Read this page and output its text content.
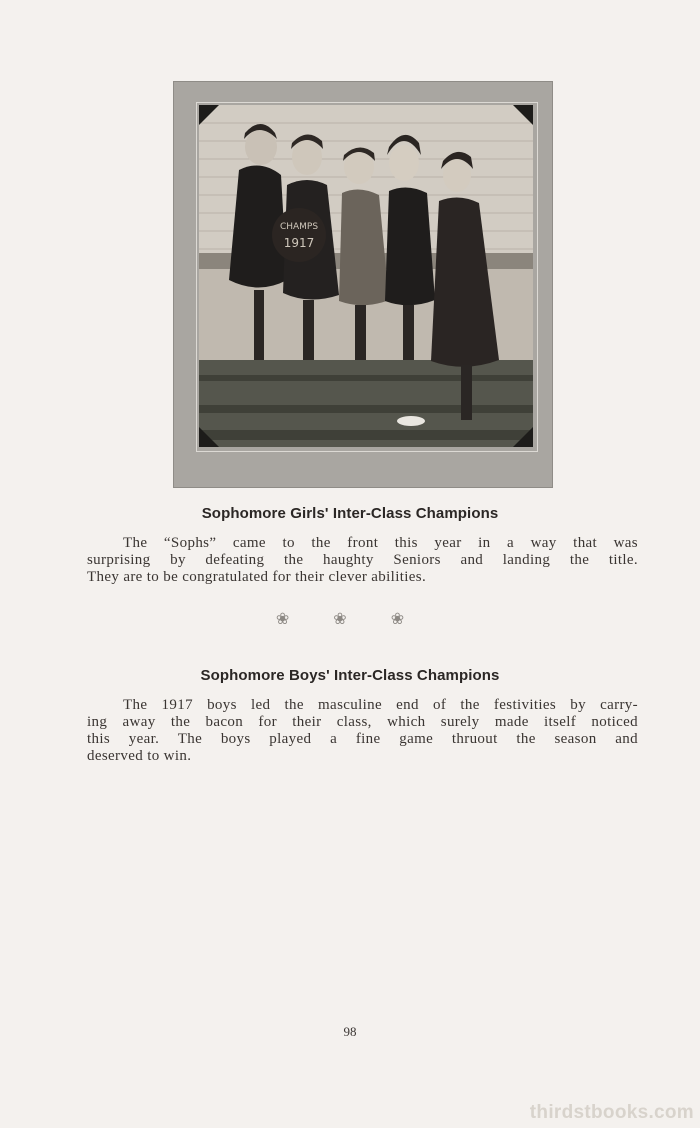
CHAMPS
1917
Sophomore Girls' Inter-Class Champions
The “Sophs” came to the front this year in a way that was
surprising by defeating the haughty Seniors and landing the title.
They are to be congratulated for their clever abilities.
❀ ❀ ❀
Sophomore Boys' Inter-Class Champions
The 1917 boys led the masculine end of the festivities by carry-
ing away the bacon for their class, which surely made itself noticed
this year. The boys played a fine game thruout the season and
deserved to win.
98
thirdstbooks.com
